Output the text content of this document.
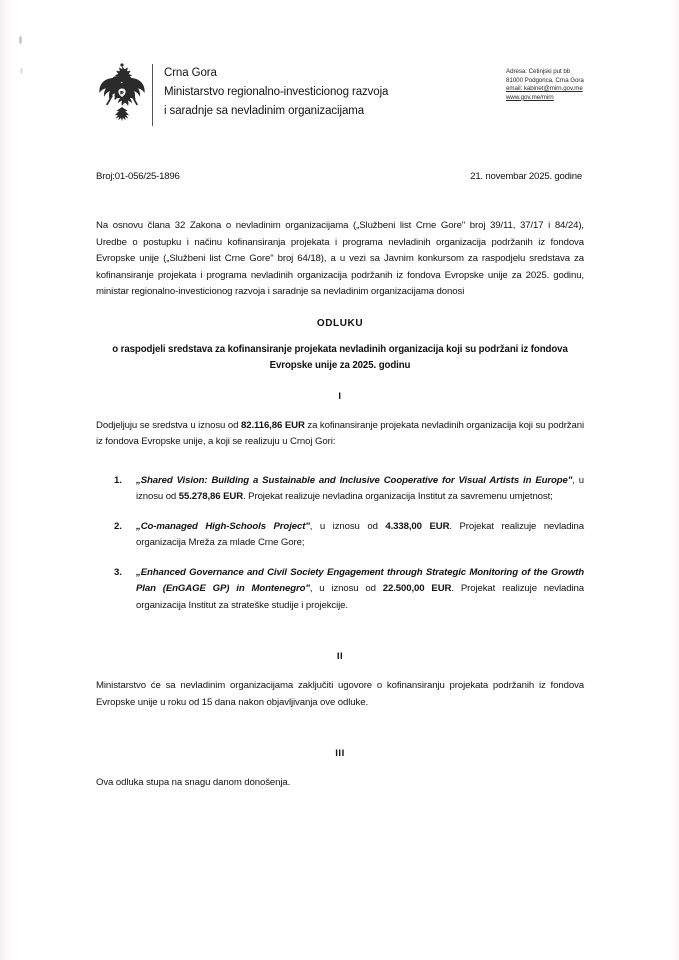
Crna Gora
Ministarstvo regionalno-investicionog razvoja
i saradnje sa nevladinim organizacijama
Adresa: Cetinjski put bb
81000 Podgorica, Crna Gora
email: kabinet@mirn.gov.me
www.gov.me/mirn
Broj:01-056/25-1896	21. novembar 2025. godine

Na osnovu člana 32 Zakona o nevladinim organizacijama („Službeni list Crne Gore" broj 39/11, 37/17 i 84/24), Uredbe o postupku i načinu kofinansiranja projekata i programa nevladinih organizacija podržanih iz fondova Evropske unije („Službeni list Crne Gore" broj 64/18), a u vezi sa Javnim konkursom za raspodjelu sredstava za kofinansiranje projekata i programa nevladinih organizacija podržanih iz fondova Evropske unije za 2025. godinu, ministar regionalno-investicionog razvoja i saradnje sa nevladinim organizacijama donosi

ODLUKU
o raspodjeli sredstava za kofinansiranje projekata nevladinih organizacija koji su podržani iz fondova Evropske unije za 2025. godinu
I

Dodjeljuju se sredstva u iznosu od 82.116,86 EUR za kofinansiranje projekata nevladinih organizacija koji su podržani iz fondova Evropske unije, a koji se realizuju u Crnoj Gori:

1. „Shared Vision: Building a Sustainable and Inclusive Cooperative for Visual Artists in Europe", u iznosu od 55.278,86 EUR. Projekat realizuje nevladina organizacija Institut za savremenu umjetnost;
2. „Co-managed High-Schools Project", u iznosu od 4.338,00 EUR. Projekat realizuje nevladina organizacija Mreža za mlade Crne Gore;
3. „Enhanced Governance and Civil Society Engagement through Strategic Monitoring of the Growth Plan (EnGAGE GP) in Montenegro", u iznosu od 22.500,00 EUR. Projekat realizuje nevladina organizacija Institut za strateške studije i projekcije.
II

Ministarstvo će sa nevladinim organizacijama zaključiti ugovore o kofinansiranju projekata podržanih iz fondova Evropske unije u roku od 15 dana nakon objavljivanja ove odluke.

III

Ova odluka stupa na snagu danom donošenja.
